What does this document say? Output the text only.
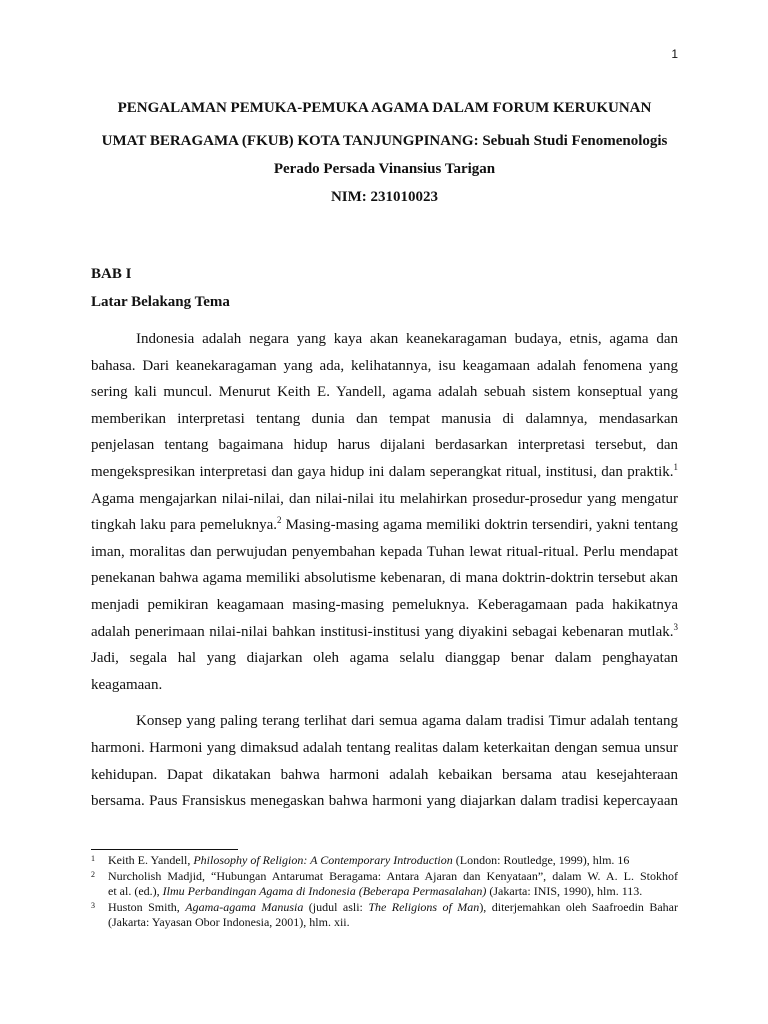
1
PENGALAMAN PEMUKA-PEMUKA AGAMA DALAM FORUM KERUKUNAN
UMAT BERAGAMA (FKUB) KOTA TANJUNGPINANG: Sebuah Studi Fenomenologis
Perado Persada Vinansius Tarigan
NIM: 231010023
BAB I
Latar Belakang Tema
Indonesia adalah negara yang kaya akan keanekaragaman budaya, etnis, agama dan
bahasa. Dari keanekaragaman yang ada, kelihatannya, isu keagamaan adalah fenomena yang
sering kali muncul. Menurut Keith E. Yandell, agama adalah sebuah sistem konseptual yang
memberikan interpretasi tentang dunia dan tempat manusia di dalamnya, mendasarkan
penjelasan tentang bagaimana hidup harus dijalani berdasarkan interpretasi tersebut, dan
mengekspresikan interpretasi dan gaya hidup ini dalam seperangkat ritual, institusi, dan praktik.$^1$
Agama mengajarkan nilai-nilai, dan nilai-nilai itu melahirkan prosedur-prosedur yang mengatur
tingkah laku para pemeluknya.$^2$ Masing-masing agama memiliki doktrin tersendiri, yakni tentang
iman, moralitas dan perwujudan penyembahan kepada Tuhan lewat ritual-ritual. Perlu mendapat
penekanan bahwa agama memiliki absolutisme kebenaran, di mana doktrin-doktrin tersebut akan
menjadi pemikiran keagamaan masing-masing pemeluknya. Keberagamaan pada hakikatnya
adalah penerimaan nilai-nilai bahkan institusi-institusi yang diyakini sebagai kebenaran mutlak.$^3$
Jadi, segala hal yang diajarkan oleh agama selalu dianggap benar dalam penghayatan
keagamaan.
Konsep yang paling terang terlihat dari semua agama dalam tradisi Timur adalah tentang
harmoni. Harmoni yang dimaksud adalah tentang realitas dalam keterkaitan dengan semua unsur
kehidupan. Dapat dikatakan bahwa harmoni adalah kebaikan bersama atau kesejahteraan
bersama. Paus Fransiskus menegaskan bahwa harmoni yang diajarkan dalam tradisi kepercayaan
1 Keith E. Yandell, Philosophy of Religion: A Contemporary Introduction (London: Routledge, 1999), hlm. 16
2 Nurcholish Madjid, “Hubungan Antarumat Beragama: Antara Ajaran dan Kenyataan”, dalam W. A. L. Stokhof
et al. (ed.), Ilmu Perbandingan Agama di Indonesia (Beberapa Permasalahan) (Jakarta: INIS, 1990), hlm. 113.
3 Huston Smith, Agama-agama Manusia (judul asli: The Religions of Man), diterjemahkan oleh Saafroedin Bahar
(Jakarta: Yayasan Obor Indonesia, 2001), hlm. xii.
